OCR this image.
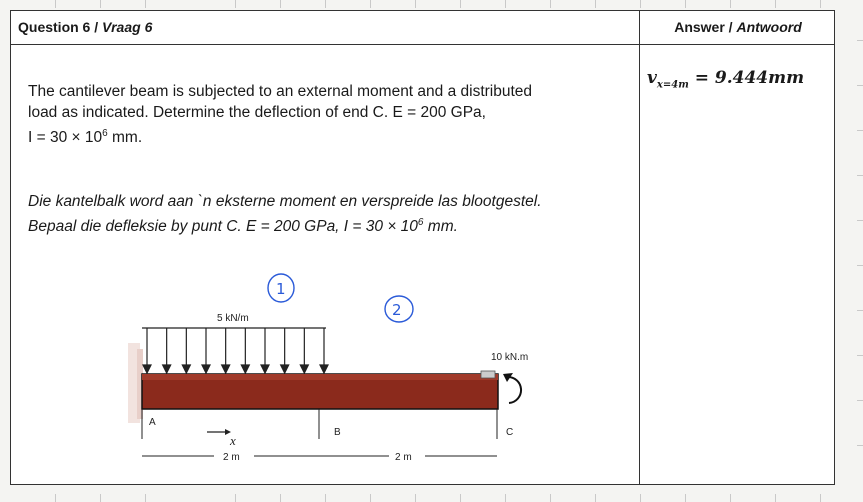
Question 6 / Vraag 6	Answer / Antwoord
The cantilever beam is subjected to an external moment and a distributed
load as indicated. Determine the deflection of end C. E = 200 GPa,
$I = 30 \times 10^6$ mm.
Die kantelbalk word aan `n eksterne moment en verspreide las blootgestel.
Bepaal die defleksie by punt C. E = 200 GPa, $I = 30 \times 10^6$ mm.
$v_{x=4m} = 9.444mm$
5 kN/m
10 kN.m
A
B	C
x
2 m	2 m
1
2
